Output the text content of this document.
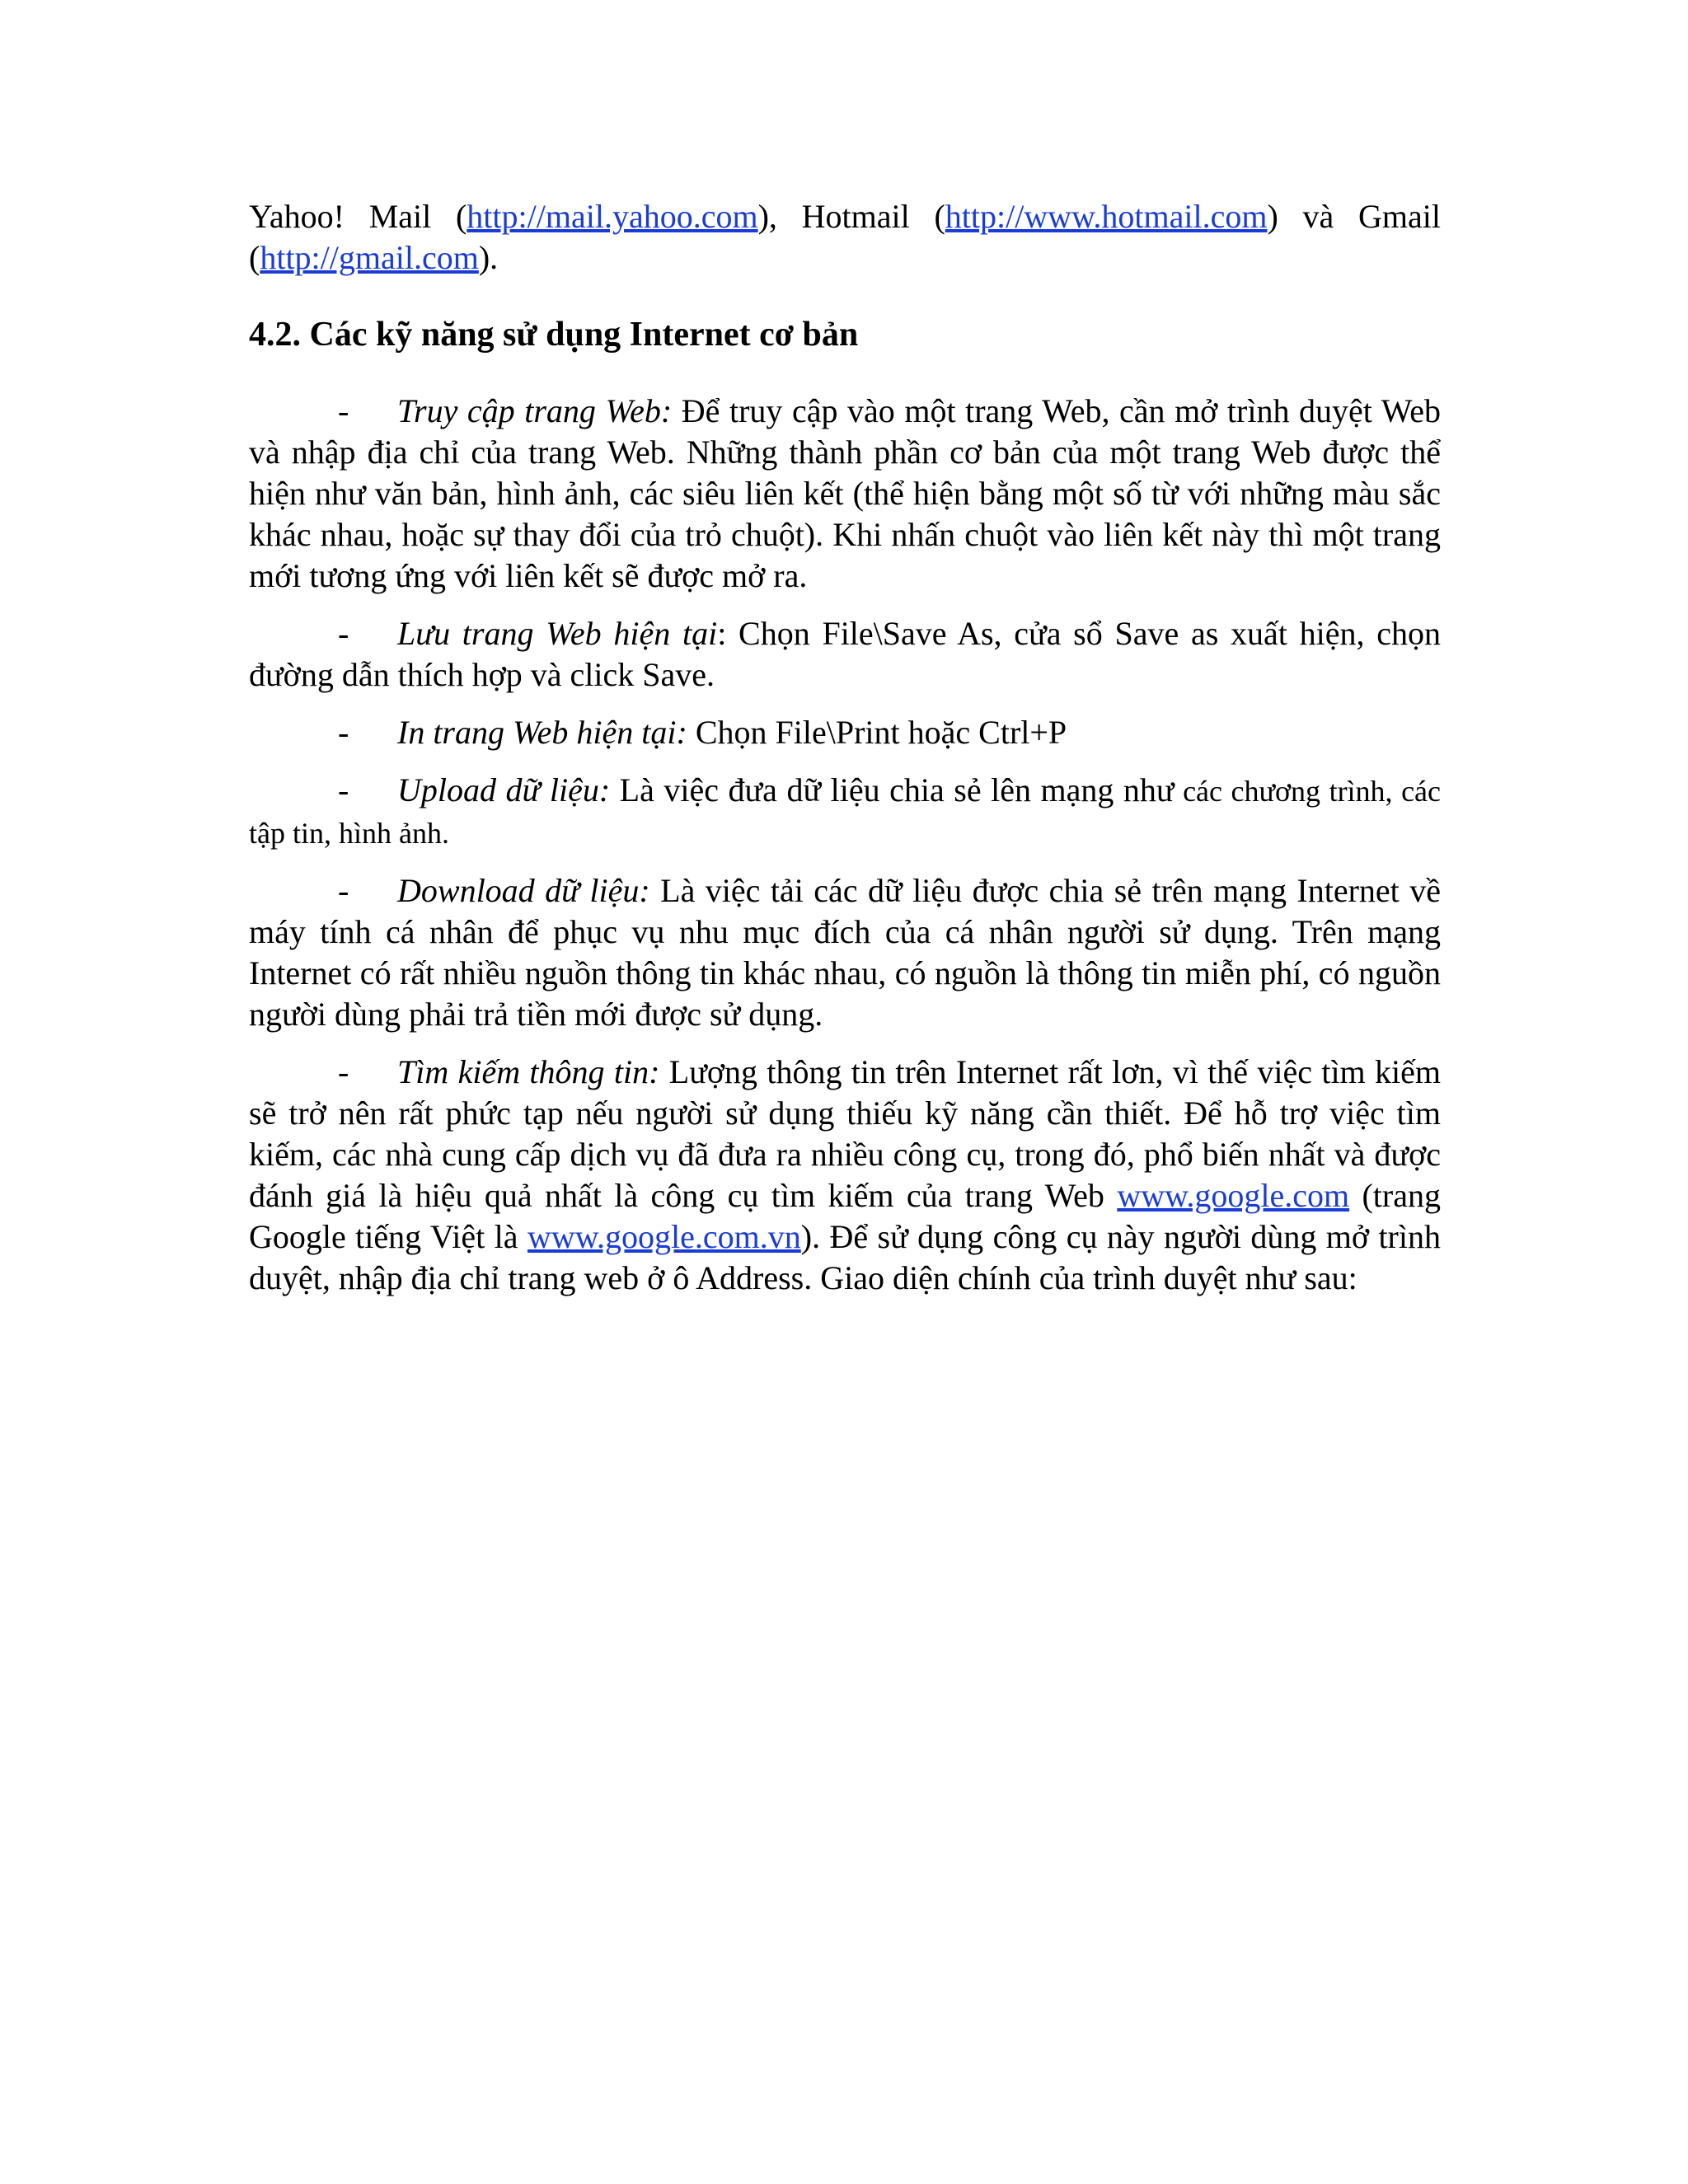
Yahoo! Mail (http://mail.yahoo.com), Hotmail (http://www.hotmail.com) và Gmail (http://gmail.com).

4.2. Các kỹ năng sử dụng Internet cơ bản

- Truy cập trang Web: Để truy cập vào một trang Web, cần mở trình duyệt Web và nhập địa chỉ của trang Web. Những thành phần cơ bản của một trang Web được thể hiện như văn bản, hình ảnh, các siêu liên kết (thể hiện bằng một số từ với những màu sắc khác nhau, hoặc sự thay đổi của trỏ chuột). Khi nhấn chuột vào liên kết này thì một trang mới tương ứng với liên kết sẽ được mở ra.

- Lưu trang Web hiện tại: Chọn File\Save As, cửa sổ Save as xuất hiện, chọn đường dẫn thích hợp và click Save.

- In trang Web hiện tại: Chọn File\Print hoặc Ctrl+P

- Upload dữ liệu: Là việc đưa dữ liệu chia sẻ lên mạng như các chương trình, các tập tin, hình ảnh.

- Download dữ liệu: Là việc tải các dữ liệu được chia sẻ trên mạng Internet về máy tính cá nhân để phục vụ nhu mục đích của cá nhân người sử dụng. Trên mạng Internet có rất nhiều nguồn thông tin khác nhau, có nguồn là thông tin miễn phí, có nguồn người dùng phải trả tiền mới được sử dụng.

- Tìm kiếm thông tin: Lượng thông tin trên Internet rất lơn, vì thế việc tìm kiếm sẽ trở nên rất phức tạp nếu người sử dụng thiếu kỹ năng cần thiết. Để hỗ trợ việc tìm kiếm, các nhà cung cấp dịch vụ đã đưa ra nhiều công cụ, trong đó, phổ biến nhất và được đánh giá là hiệu quả nhất là công cụ tìm kiếm của trang Web www.google.com (trang Google tiếng Việt là www.google.com.vn). Để sử dụng công cụ này người dùng mở trình duyệt, nhập địa chỉ trang web ở ô Address. Giao diện chính của trình duyệt như sau:
